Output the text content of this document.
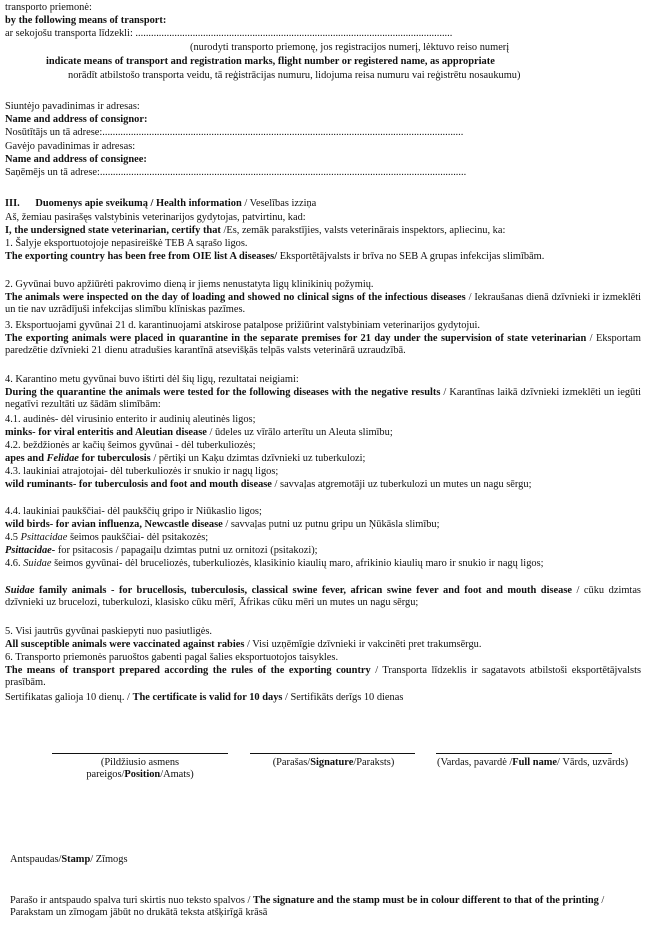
transporto priemonė:
by the following means of transport:
ar sekojošu transporta līdzekli: ..........................................................................................................................
(nurodyti transporto priemonę, jos registracijos numerį, lėktuvo reiso numerį
indicate means of transport and registration marks, flight number or registered name, as appropriate
norādīt atbilstošo transporta veidu, tā reģistrācijas numuru, lidojuma reisa numuru vai reģistrētu nosaukumu)
Siuntėjo pavadinimas ir adresas:
Name and address of consignor:
Nosūtītājs un tā adrese:...........................................................................................................................................
Gavėjo pavadinimas ir adresas:
Name and address of consignee:
Saņēmējs un tā adrese:.............................................................................................................................................
III. Duomenys apie sveikumą / Health information / Veselības izziņa
Aš, žemiau pasirašęs valstybinis veterinarijos gydytojas, patvirtinu, kad:
I, the undersigned state veterinarian, certify that /Es, zemāk parakstījies, valsts veterinārais inspektors, apliecinu, ka:
1. Šalyje eksportuotojoje nepasireiškė TEB A sąrašo ligos.
The exporting country has been free from OIE list A diseases/ Eksportētājvalsts ir brīva no SEB A grupas infekcijas slimībām.
2. Gyvūnai buvo apžiūrėti pakrovimo dieną ir jiems nenustatyta ligų klinikinių požymių.
The animals were inspected on the day of loading and showed no clinical signs of the infectious diseases / Iekraušanas dienā dzīvnieki ir izmeklēti un tie nav uzrādījuši infekcijas slimību klīniskas pazīmes.
3. Eksportuojami gyvūnai 21 d. karantinuojami atskirose patalpose prižiūrint valstybiniam veterinarijos gydytojui.
The exporting animals were placed in quarantine in the separate premises for 21 day under the supervision of state veterinarian / Eksportam paredzētie dzīvnieki 21 dienu atradušies karantīnā atsevišķās telpās valsts veterinārā uzraudzībā.
4. Karantino metu gyvūnai buvo ištirti dėl šių ligų, rezultatai neigiami:
During the quarantine the animals were tested for the following diseases with the negative results / Karantīnas laikā dzīvnieki izmeklēti un iegūti negatīvi rezultāti uz šādām slimībām:
4.1. audinės- dėl virusinio enterito ir audinių aleutinės ligos;
minks- for viral enteritis and Aleutian disease / ūdeles uz vīrālo arterītu un Aleuta slimību;
4.2. beždžionės ar kačių šeimos gyvūnai - dėl tuberkuliozės;
apes and Felidae for tuberculosis / pērtiķi un Kaķu dzimtas dzīvnieki uz tuberkulozi;
4.3. laukiniai atrajotojai- dėl tuberkuliozės ir snukio ir nagų ligos;
wild ruminants- for tuberculosis and foot and mouth disease / savvaļas atgremotāji uz tuberkulozi un mutes un nagu sērgu;
4.4. laukiniai paukščiai- dėl paukščių gripo ir Niūkaslio ligos;
wild birds- for avian influenza, Newcastle disease / savvaļas putni uz putnu gripu un Ņūkāsla slimību;
4.5 Psittacidae šeimos paukščiai- dėl psitakozės;
Psittacidae- for psitacosis / papagaiļu dzimtas putni uz ornitozi (psitakozi);
4.6. Suidae šeimos gyvūnai- dėl bruceliozės, tuberkuliozės, klasikinio kiaulių maro, afrikinio kiaulių maro ir snukio ir nagų ligos;
Suidae family animals - for brucellosis, tuberculosis, classical swine fever, african swine fever and foot and mouth disease / cūku dzimtas dzīvnieki uz brucelozi, tuberkulozi, klasisko cūku mērī, Āfrikas cūku mēri un mutes un nagu sērgu;
5. Visi jautrūs gyvūnai paskiepyti nuo pasiutligės.
All susceptible animals were vaccinated against rabies / Visi uzņēmīgie dzīvnieki ir vakcinēti pret trakumsērgu.
6. Transporto priemonės paruoštos gabenti pagal šalies eksportuotojos taisykles.
The means of transport prepared according the rules of the exporting country / Transporta līdzeklis ir sagatavots atbilstoši eksportētājvalsts prasībām.
Sertifikatas galioja 10 dienų. / The certificate is valid for 10 days / Sertifikāts derīgs 10 dienas
(Pildžiusio asmens
pareigos/Position/Amats)
(Parašas/Signature/Paraksts)	(Vardas, pavardė /Full name/ Vārds, uzvārds)
Antspaudas/Stamp/ Zīmogs
Parašo ir antspaudo spalva turi skirtis nuo teksto spalvos / The signature and the stamp must be in colour different to that of the printing / Parakstam un zīmogam jābūt no drukātā teksta atšķirīgā krāsā
